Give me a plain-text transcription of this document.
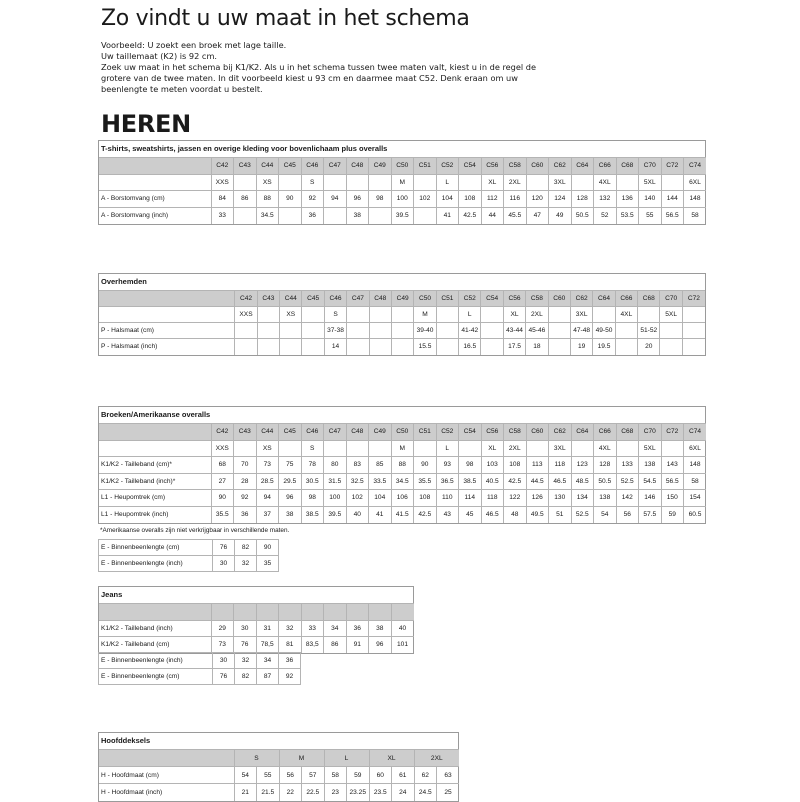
Zo vindt u uw maat in het schema

Voorbeeld: U zoekt een broek met lage taille.

Uw taillemaat (K2) is 92 cm.

Zoek uw maat in het schema bij K1/K2. Als u in het schema tussen twee maten valt, kiest u in de regel de grotere van de twee maten. In dit voorbeeld kiest u 93 cm en daarmee maat C52. Denk eraan om uw beenlengte te meten voordat u bestelt.

HEREN
T-shirts, sweatshirts, jassen en overige kleding voor bovenlichaam plus overalls
	C42	C43	C44	C45	C46	C47	C48	C49	C50	C51	C52	C54	C56	C58	C60	C62	C64	C66	C68	C70	C72	C74
	XXS		XS		S				M		L		XL	2XL		3XL		4XL		5XL		6XL
A - Borstomvang (cm)	84	86	88	90	92	94	96	98	100	102	104	108	112	116	120	124	128	132	136	140	144	148
A - Borstomvang (inch)	33		34.5		36		38		39.5		41	42.5	44	45.5	47	49	50.5	52	53.5	55	56.5	58
Overhemden
	C42	C43	C44	C45	C46	C47	C48	C49	C50	C51	C52	C54	C56	C58	C60	C62	C64	C66	C68	C70	C72
	XXS		XS		S				M		L		XL	2XL		3XL		4XL		5XL	
P - Halsmaat (cm)					37-38				39-40		41-42		43-44	45-46		47-48	49-50		51-52		
P - Halsmaat (inch)					14				15.5		16.5		17.5	18		19	19.5		20		
Broeken/Amerikaanse overalls
	C42	C43	C44	C45	C46	C47	C48	C49	C50	C51	C52	C54	C56	C58	C60	C62	C64	C66	C68	C70	C72	C74
	XXS		XS		S				M		L		XL	2XL		3XL		4XL		5XL		6XL
K1/K2 - Tailleband (cm)*	68	70	73	75	78	80	83	85	88	90	93	98	103	108	113	118	123	128	133	138	143	148
K1/K2 - Tailleband (inch)*	27	28	28.5	29.5	30.5	31.5	32.5	33.5	34.5	35.5	36.5	38.5	40.5	42.5	44.5	46.5	48.5	50.5	52.5	54.5	56.5	58
L1 - Heupomtrek (cm)	90	92	94	96	98	100	102	104	106	108	110	114	118	122	126	130	134	138	142	146	150	154
L1 - Heupomtrek (inch)	35.5	36	37	38	38.5	39.5	40	41	41.5	42.5	43	45	46.5	48	49.5	51	52.5	54	56	57.5	59	60.5
*Amerikaanse overalls zijn niet verkrijgbaar in verschillende maten.
E - Binnenbeenlengte (cm)	76	82	90
E - Binnenbeenlengte (inch)	30	32	35
Jeans

K1/K2 - Tailleband (inch)	29	30	31	32	33	34	36	38	40
K1/K2 - Tailleband (cm)	73	76	78,5	81	83,5	86	91	96	101
E - Binnenbeenlengte (inch)	30	32	34	36
E - Binnenbeenlengte (cm)	76	82	87	92
Hoofddeksels
	S		M		L		XL		2XL	
H - Hoofdmaat (cm)	54	55	56	57	58	59	60	61	62	63
H - Hoofdmaat (inch)	21	21.5	22	22.5	23	23.25	23.5	24	24.5	25
